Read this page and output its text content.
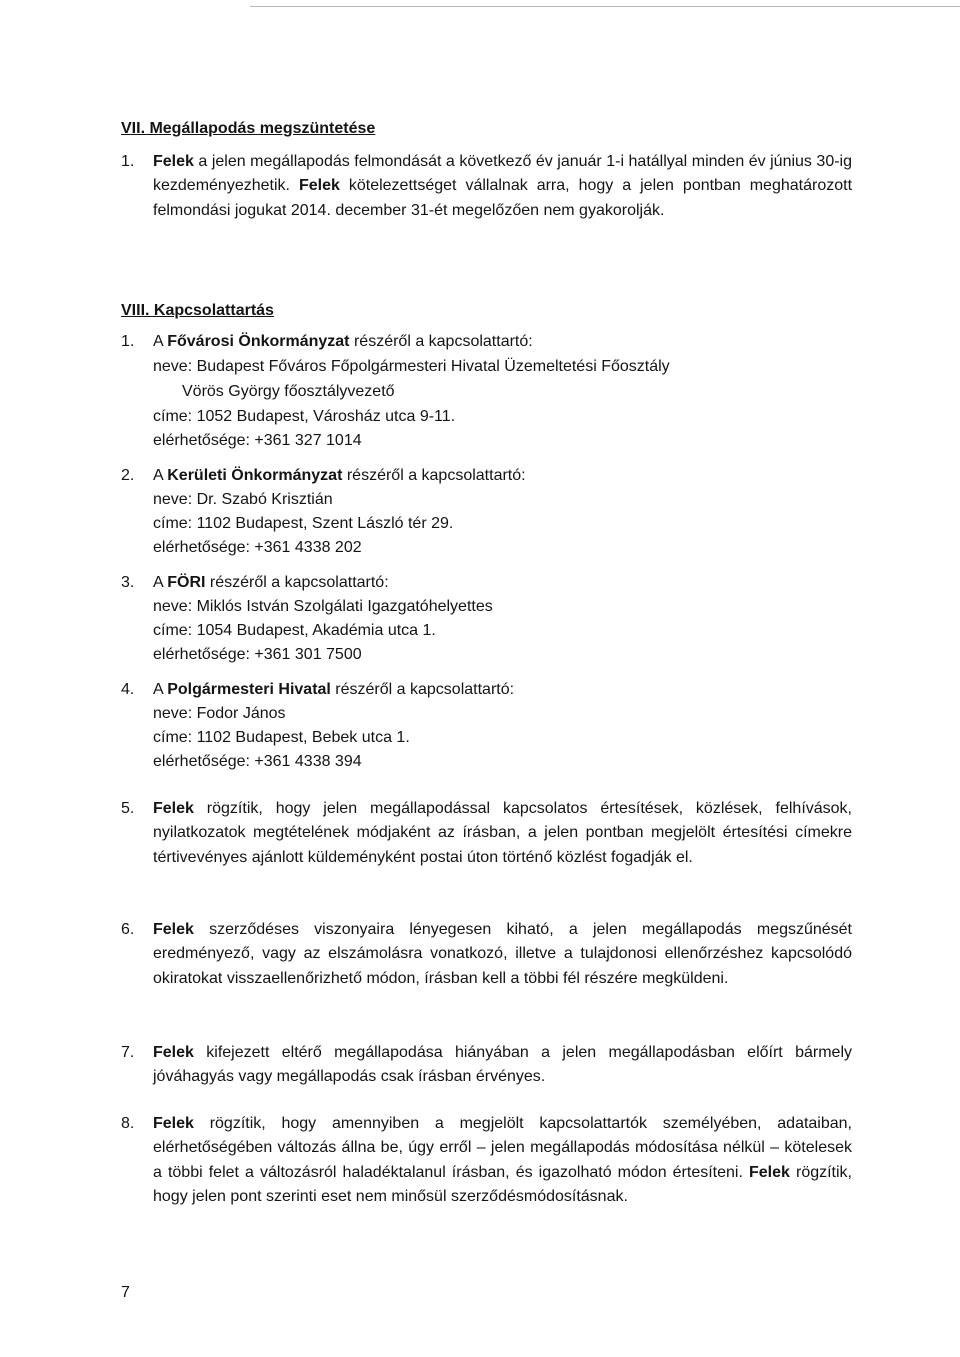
VII. Megállapodás megszüntetése
1. Felek a jelen megállapodás felmondását a következő év január 1-i hatállyal minden év június 30-ig kezdeményezhetik. Felek kötelezettséget vállalnak arra, hogy a jelen pontban meghatározott felmondási jogukat 2014. december 31-ét megelőzően nem gyakorolják.
VIII. Kapcsolattartás
1. A Fővárosi Önkormányzat részéről a kapcsolattartó:
neve: Budapest Főváros Főpolgármesteri Hivatal Üzemeltetési Főosztály
Vörös György főosztályvezető
címe: 1052 Budapest, Városház utca 9-11.
elérhetősége: +361 327 1014
2. A Kerületi Önkormányzat részéről a kapcsolattartó:
neve: Dr. Szabó Krisztián
címe: 1102 Budapest, Szent László tér 29.
elérhetősége: +361 4338 202
3. A FÖRI részéről a kapcsolattartó:
neve: Miklós István Szolgálati Igazgatóhelyettes
címe: 1054 Budapest, Akadémia utca 1.
elérhetősége: +361 301 7500
4. A Polgármesteri Hivatal részéről a kapcsolattartó:
neve: Fodor János
címe: 1102 Budapest, Bebek utca 1.
elérhetősége: +361 4338 394
5. Felek rögzítik, hogy jelen megállapodással kapcsolatos értesítések, közlések, felhívások, nyilatkozatok megtételének módjaként az írásban, a jelen pontban megjelölt értesítési címekre tértivevényes ajánlott küldeményként postai úton történő közlést fogadják el.
6. Felek szerződéses viszonyaira lényegesen kiható, a jelen megállapodás megszűnését eredményező, vagy az elszámolásra vonatkozó, illetve a tulajdonosi ellenőrzéshez kapcsolódó okiratokat visszaellenőrizhető módon, írásban kell a többi fél részére megküldeni.
7. Felek kifejezett eltérő megállapodása hiányában a jelen megállapodásban előírt bármely jóváhagyás vagy megállapodás csak írásban érvényes.
8. Felek rögzítik, hogy amennyiben a megjelölt kapcsolattartók személyében, adataiban, elérhetőségében változás állna be, úgy erről – jelen megállapodás módosítása nélkül – kötelesek a többi felet a változásról haladéktalanul írásban, és igazolható módon értesíteni. Felek rögzítik, hogy jelen pont szerinti eset nem minősül szerződésmódosításnak.
7
